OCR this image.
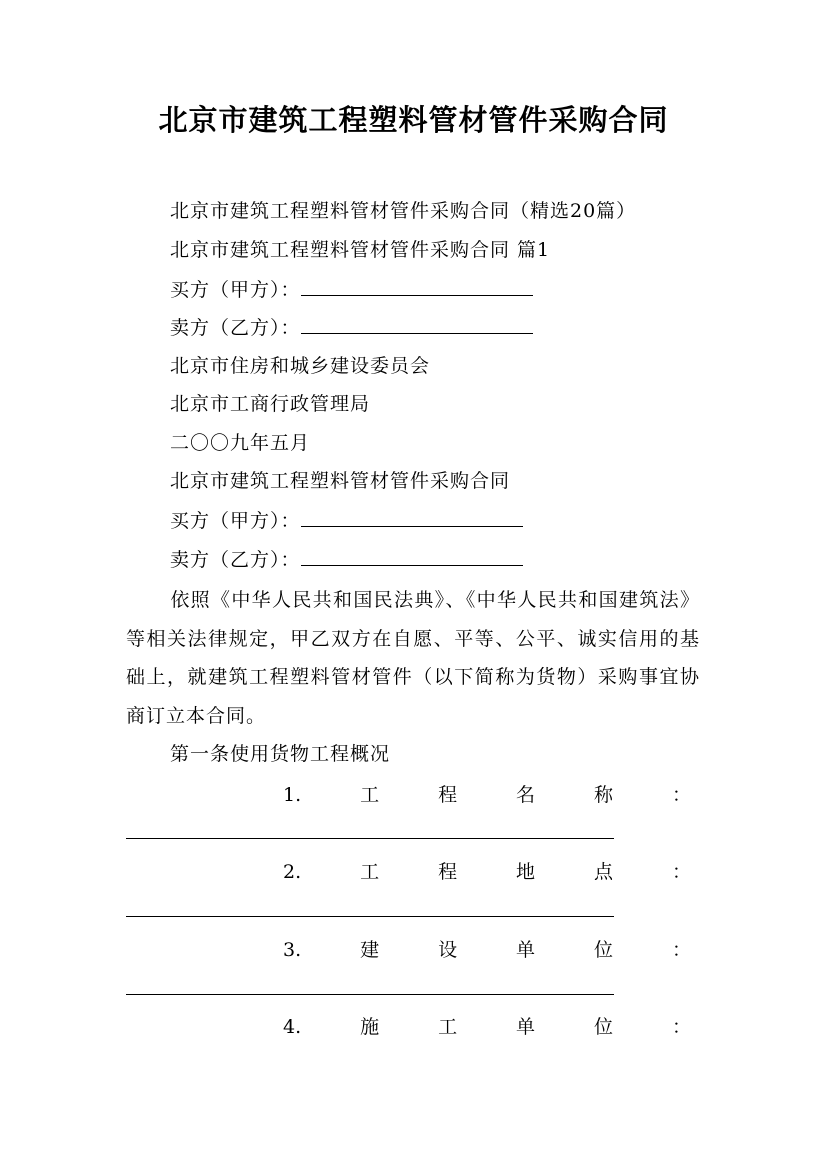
北京市建筑工程塑料管材管件采购合同
北京市建筑工程塑料管材管件采购合同（精选20篇）
北京市建筑工程塑料管材管件采购合同 篇1
买方（甲方）：
卖方（乙方）：
北京市住房和城乡建设委员会
北京市工商行政管理局
二〇〇九年五月
北京市建筑工程塑料管材管件采购合同
买方（甲方）：
卖方（乙方）：
依照《中华人民共和国民法典》、《中华人民共和国建筑法》等相关法律规定，甲乙双方在自愿、平等、公平、诚实信用的基础上，就建筑工程塑料管材管件（以下简称为货物）采购事宜协商订立本合同。
第一条使用货物工程概况
1.	工	程	名	称	：
2.	工	程	地	点	：
3.	建	设	单	位	：
4.	施	工	单	位	：
